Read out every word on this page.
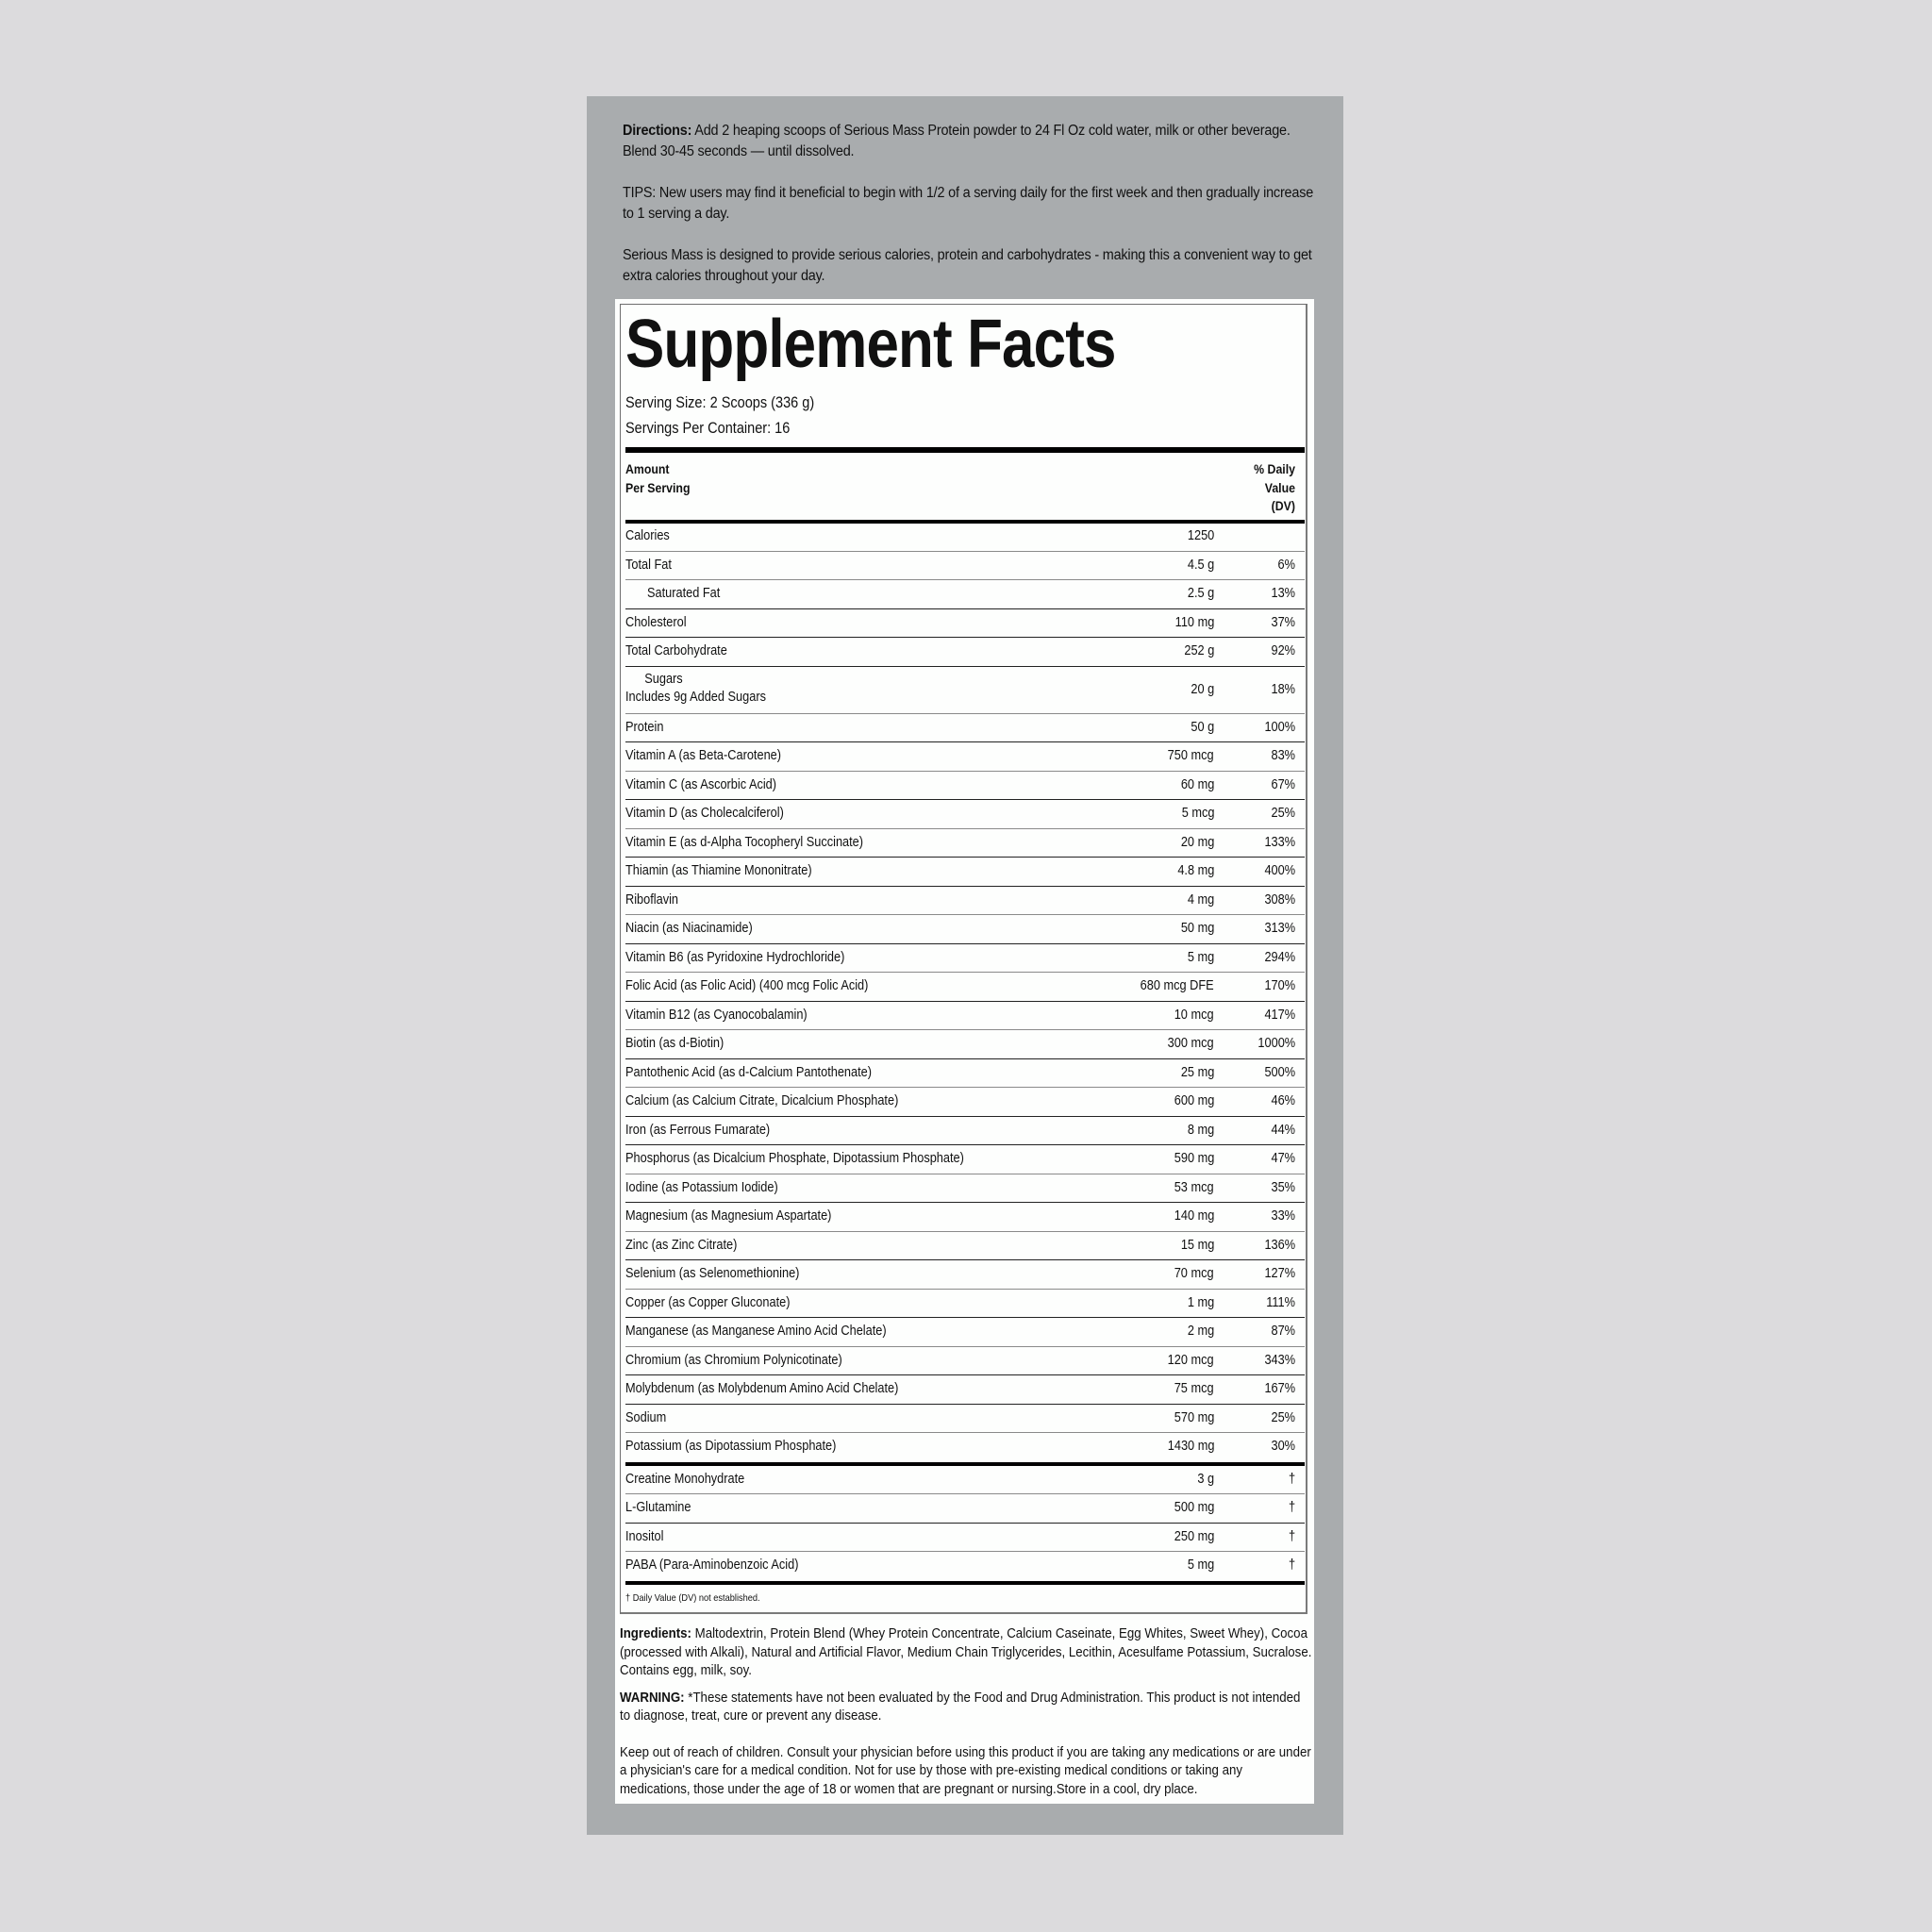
Directions: Add 2 heaping scoops of Serious Mass Protein powder to 24 Fl Oz cold water, milk or other beverage. Blend 30-45 seconds — until dissolved.

TIPS: New users may find it beneficial to begin with 1/2 of a serving daily for the first week and then gradually increase to 1 serving a day.

Serious Mass is designed to provide serious calories, protein and carbohydrates - making this a convenient way to get extra calories throughout your day.

Supplement Facts
Serving Size: 2 Scoops (336 g)
Servings Per Container: 16
Amount
Per Serving
% Daily
Value
(DV)
Calories	1250
Total Fat	4.5 g	6%
Saturated Fat	2.5 g	13%
Cholesterol	110 mg	37%
Total Carbohydrate	252 g	92%
Sugars
Includes 9g Added Sugars
20 g	18%
Protein	50 g	100%
Vitamin A (as Beta-Carotene)	750 mcg	83%
Vitamin C (as Ascorbic Acid)	60 mg	67%
Vitamin D (as Cholecalciferol)	5 mcg	25%
Vitamin E (as d-Alpha Tocopheryl Succinate)	20 mg	133%
Thiamin (as Thiamine Mononitrate)	4.8 mg	400%
Riboflavin	4 mg	308%
Niacin (as Niacinamide)	50 mg	313%
Vitamin B6 (as Pyridoxine Hydrochloride)	5 mg	294%
Folic Acid (as Folic Acid) (400 mcg Folic Acid)	680 mcg DFE	170%
Vitamin B12 (as Cyanocobalamin)	10 mcg	417%
Biotin (as d-Biotin)	300 mcg	1000%
Pantothenic Acid (as d-Calcium Pantothenate)	25 mg	500%
Calcium (as Calcium Citrate, Dicalcium Phosphate)	600 mg	46%
Iron (as Ferrous Fumarate)	8 mg	44%
Phosphorus (as Dicalcium Phosphate, Dipotassium Phosphate)	590 mg	47%
Iodine (as Potassium Iodide)	53 mcg	35%
Magnesium (as Magnesium Aspartate)	140 mg	33%
Zinc (as Zinc Citrate)	15 mg	136%
Selenium (as Selenomethionine)	70 mcg	127%
Copper (as Copper Gluconate)	1 mg	111%
Manganese (as Manganese Amino Acid Chelate)	2 mg	87%
Chromium (as Chromium Polynicotinate)	120 mcg	343%
Molybdenum (as Molybdenum Amino Acid Chelate)	75 mcg	167%
Sodium	570 mg	25%
Potassium (as Dipotassium Phosphate)	1430 mg	30%
Creatine Monohydrate	3 g	†
L-Glutamine	500 mg	†
Inositol	250 mg	†
PABA (Para-Aminobenzoic Acid)	5 mg	†
† Daily Value (DV) not established.

Ingredients: Maltodextrin, Protein Blend (Whey Protein Concentrate, Calcium Caseinate, Egg Whites, Sweet Whey), Cocoa (processed with Alkali), Natural and Artificial Flavor, Medium Chain Triglycerides, Lecithin, Acesulfame Potassium, Sucralose. Contains egg, milk, soy.

WARNING: *These statements have not been evaluated by the Food and Drug Administration. This product is not intended to diagnose, treat, cure or prevent any disease.

Keep out of reach of children. Consult your physician before using this product if you are taking any medications or are under a physician's care for a medical condition. Not for use by those with pre-existing medical conditions or taking any medications, those under the age of 18 or women that are pregnant or nursing.Store in a cool, dry place.
